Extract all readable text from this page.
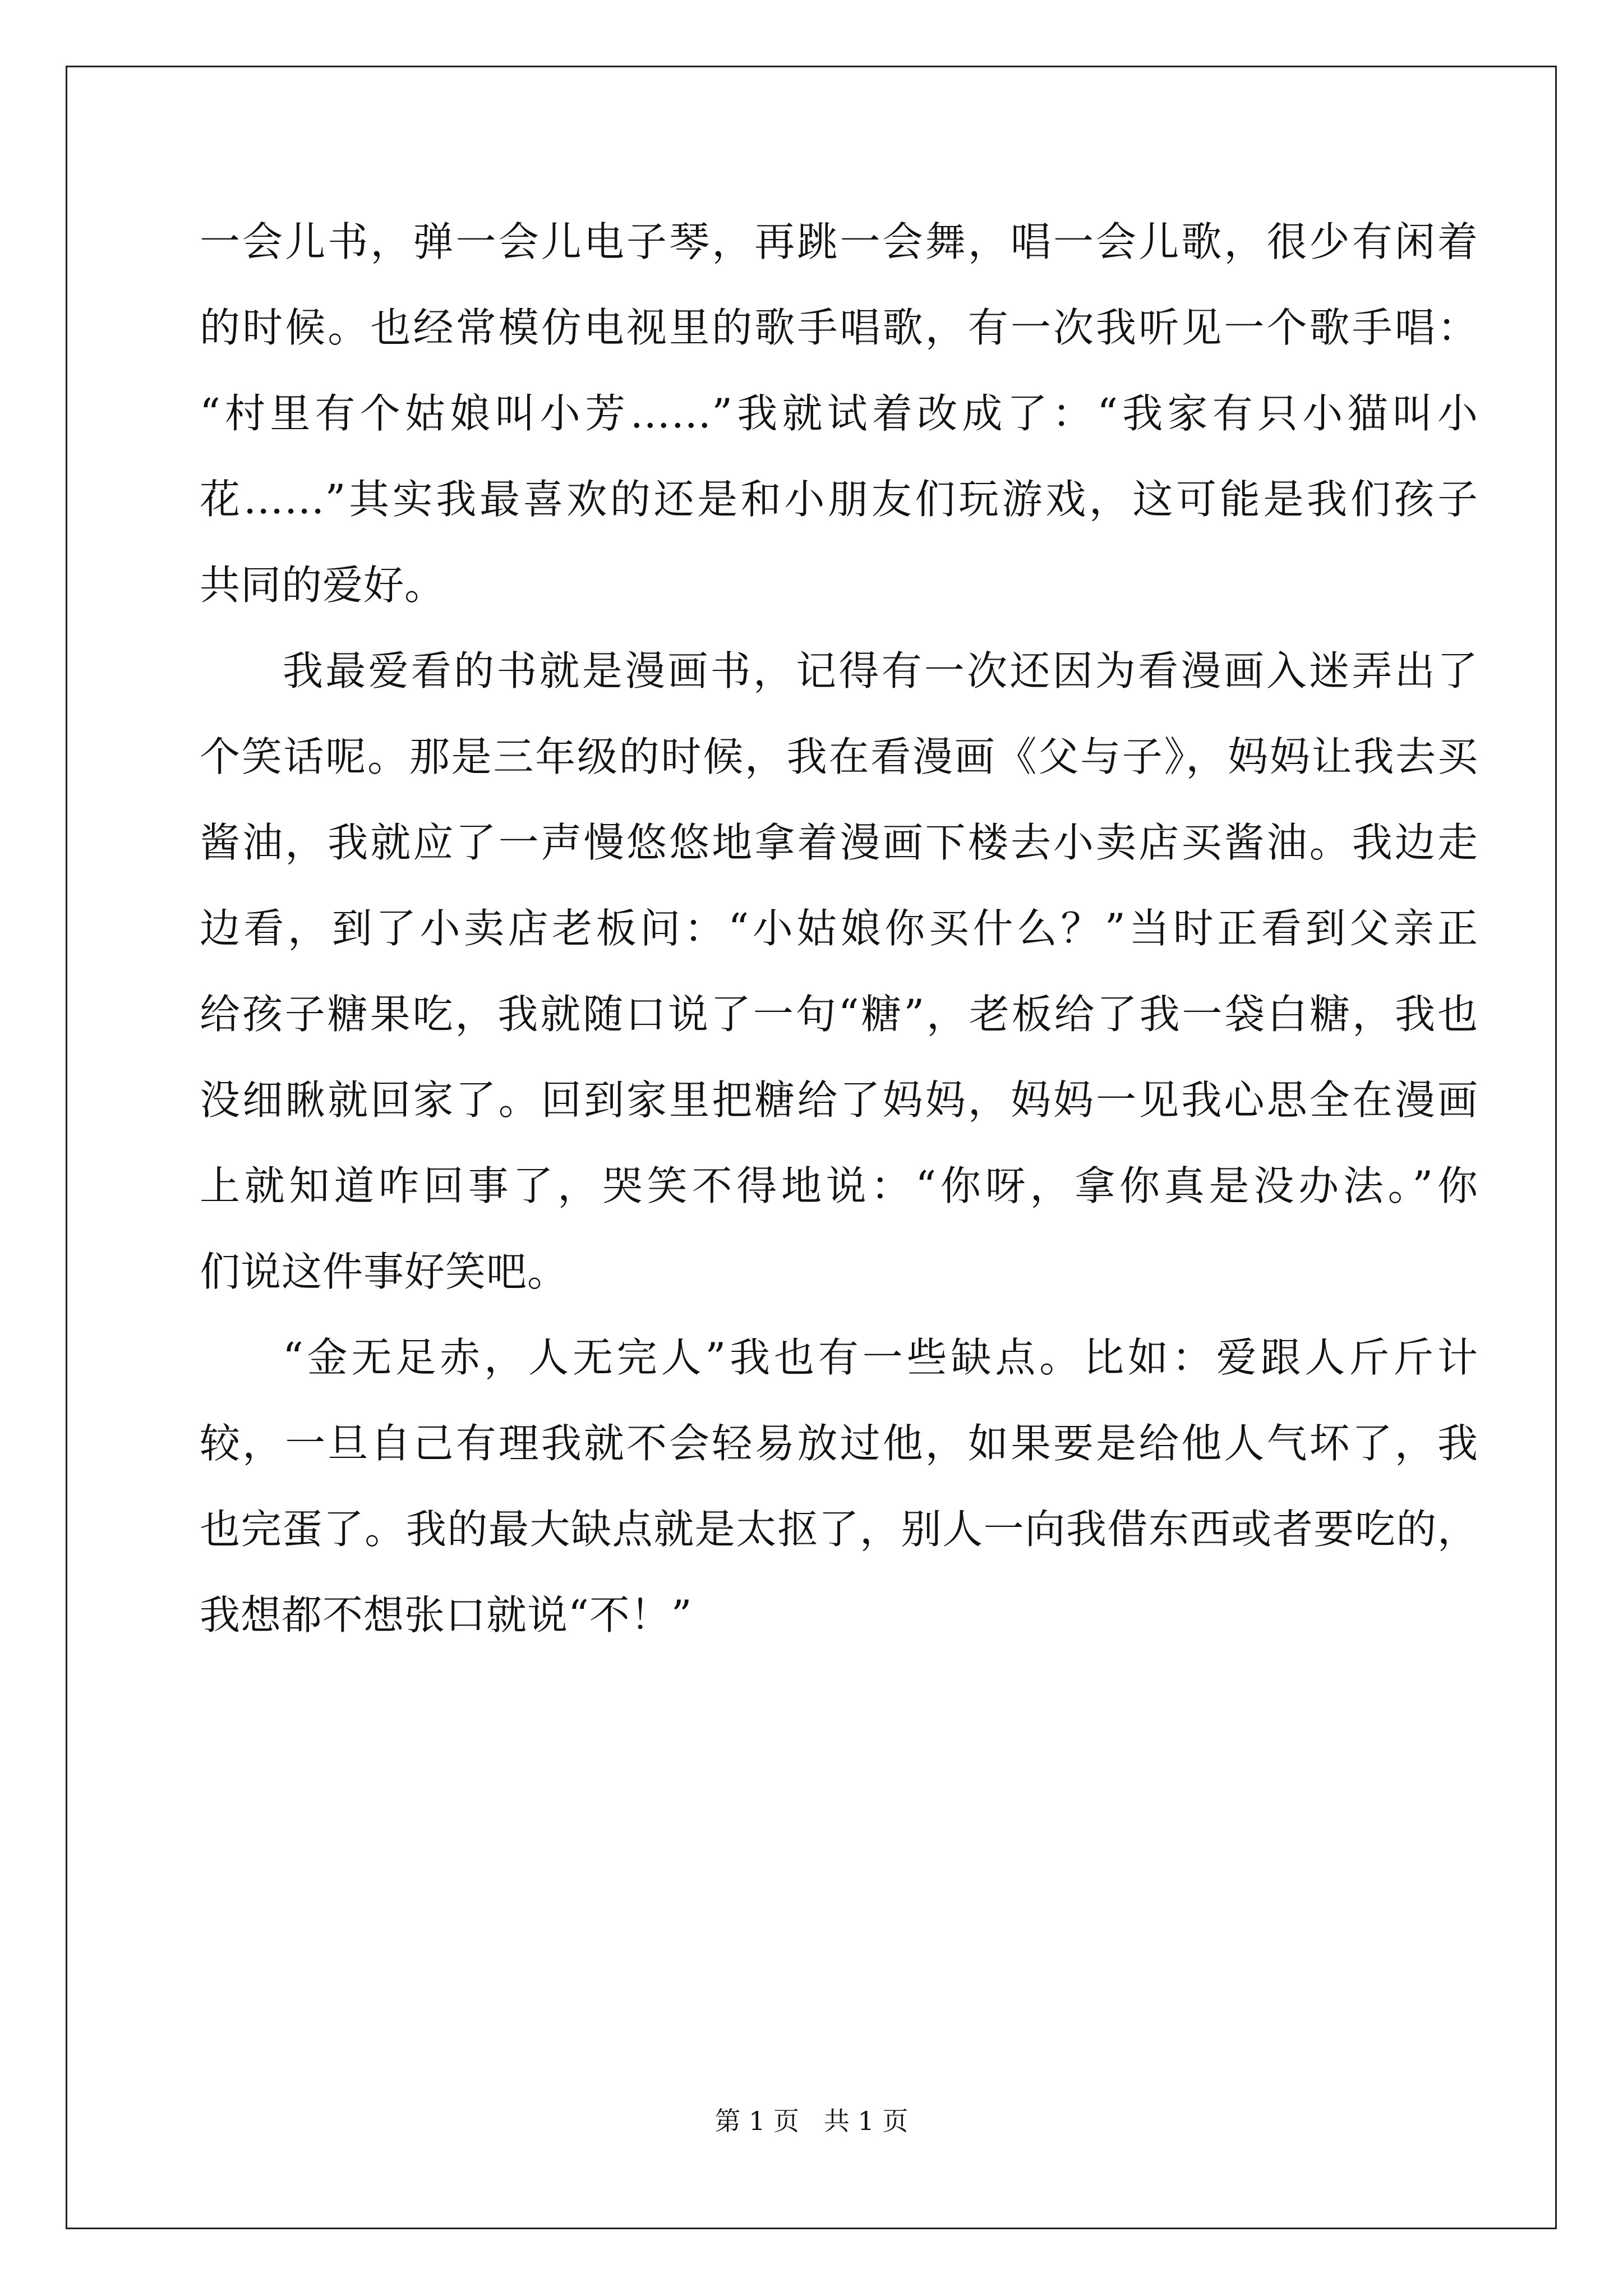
一会儿书，弹一会儿电子琴，再跳一会舞，唱一会儿歌，很少有闲着
的时候。也经常模仿电视里的歌手唱歌，有一次我听见一个歌手唱：
“村里有个姑娘叫小芳……”我就试着改成了：“我家有只小猫叫小
花……”其实我最喜欢的还是和小朋友们玩游戏，这可能是我们孩子
共同的爱好。
我最爱看的书就是漫画书，记得有一次还因为看漫画入迷弄出了
个笑话呢。那是三年级的时候，我在看漫画《父与子》，妈妈让我去买
酱油，我就应了一声慢悠悠地拿着漫画下楼去小卖店买酱油。我边走
边看，到了小卖店老板问：“小姑娘你买什么？”当时正看到父亲正
给孩子糖果吃，我就随口说了一句“糖”，老板给了我一袋白糖，我也
没细瞅就回家了。回到家里把糖给了妈妈，妈妈一见我心思全在漫画
上就知道咋回事了，哭笑不得地说：“你呀，拿你真是没办法。”你
们说这件事好笑吧。
“金无足赤，人无完人”我也有一些缺点。比如：爱跟人斤斤计
较，一旦自己有理我就不会轻易放过他，如果要是给他人气坏了，我
也完蛋了。我的最大缺点就是太抠了，别人一向我借东西或者要吃的，
我想都不想张口就说“不！”
第 1 页   共 1 页
